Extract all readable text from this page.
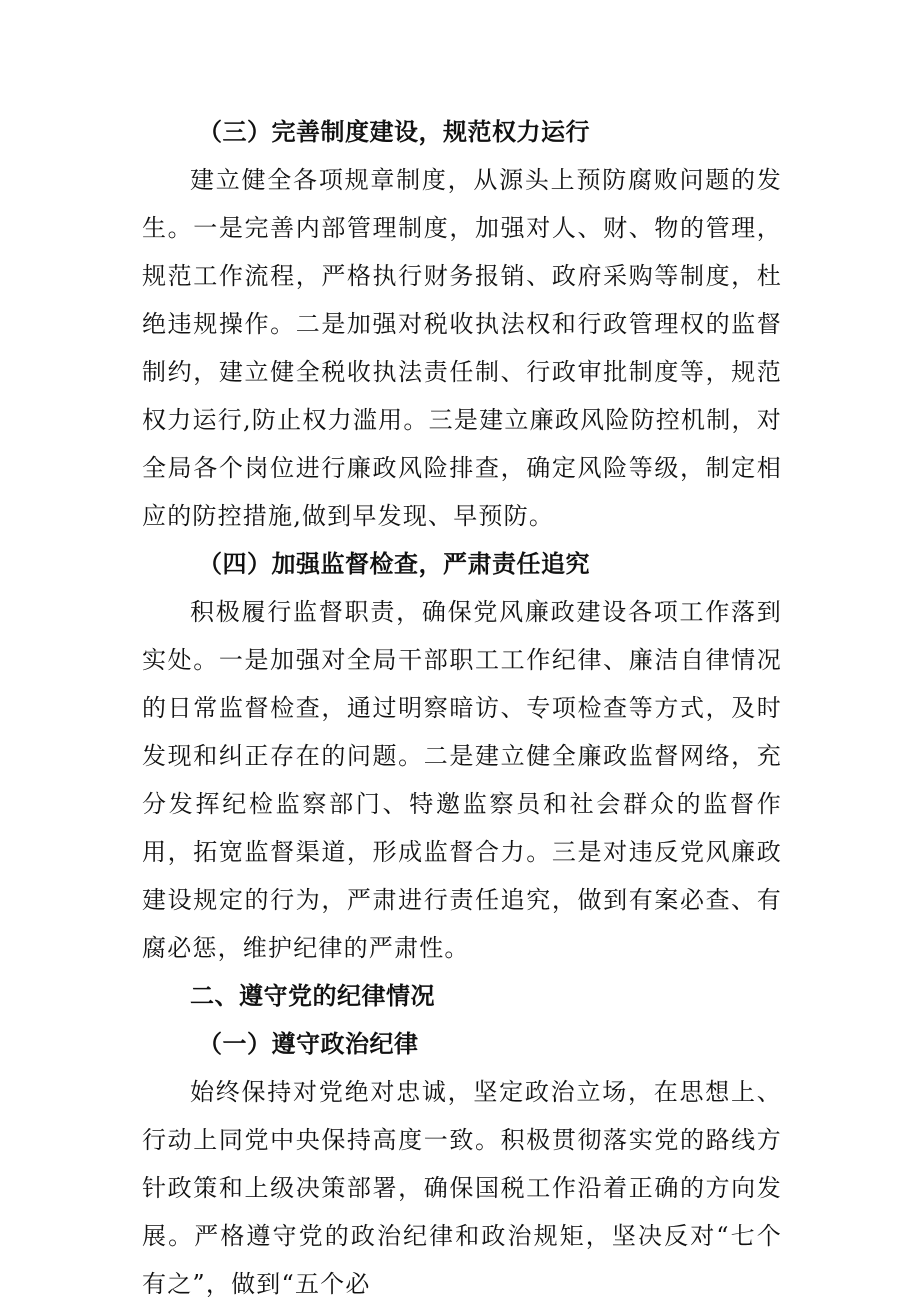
（三）完善制度建设，规范权力运行

建立健全各项规章制度，从源头上预防腐败问题的发生。一是完善内部管理制度，加强对人、财、物的管理，规范工作流程，严格执行财务报销、政府采购等制度，杜绝违规操作。二是加强对税收执法权和行政管理权的监督制约，建立健全税收执法责任制、行政审批制度等，规范权力运行,防止权力滥用。三是建立廉政风险防控机制，对全局各个岗位进行廉政风险排查，确定风险等级，制定相应的防控措施,做到早发现、早预防。

（四）加强监督检查，严肃责任追究

积极履行监督职责，确保党风廉政建设各项工作落到实处。一是加强对全局干部职工工作纪律、廉洁自律情况的日常监督检查，通过明察暗访、专项检查等方式，及时发现和纠正存在的问题。二是建立健全廉政监督网络，充分发挥纪检监察部门、特邀监察员和社会群众的监督作用，拓宽监督渠道，形成监督合力。三是对违反党风廉政建设规定的行为，严肃进行责任追究，做到有案必查、有腐必惩，维护纪律的严肃性。

二、遵守党的纪律情况
（一）遵守政治纪律

始终保持对党绝对忠诚，坚定政治立场，在思想上、行动上同党中央保持高度一致。积极贯彻落实党的路线方针政策和上级决策部署，确保国税工作沿着正确的方向发展。严格遵守党的政治纪律和政治规矩，坚决反对“七个有之”，做到“五个必
